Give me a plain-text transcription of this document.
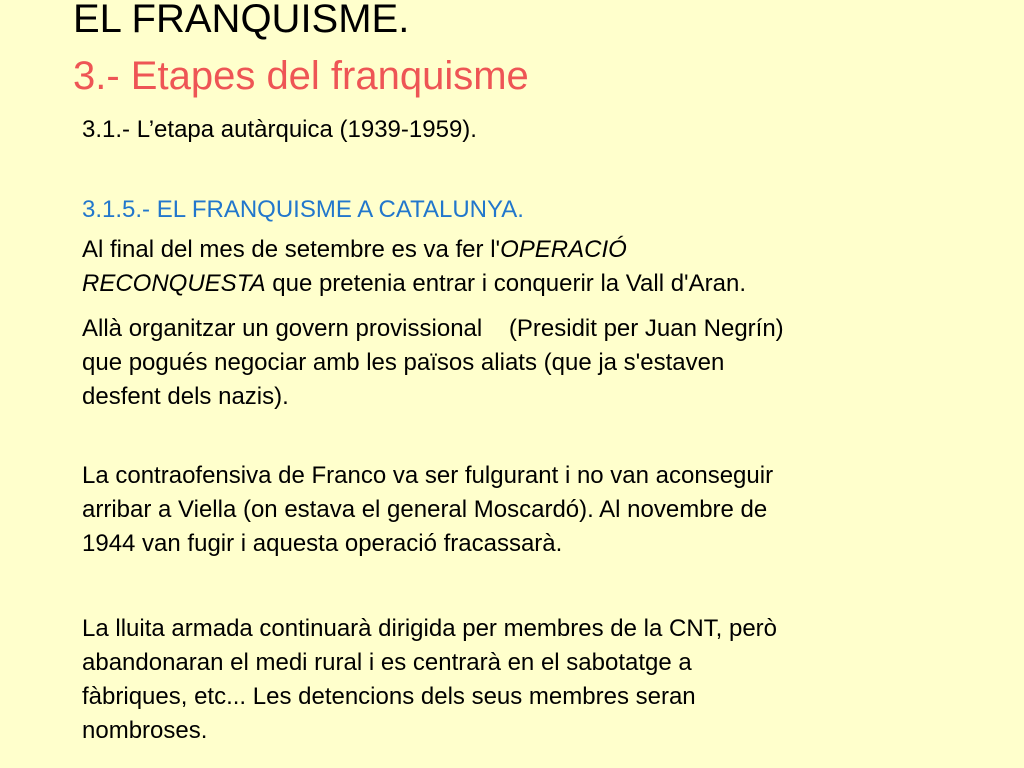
EL FRANQUISME.
3.- Etapes del franquisme

3.1.- L’etapa autàrquica (1939-1959).

3.1.5.- EL FRANQUISME A CATALUNYA.

Al final del mes de setembre es va fer l'OPERACIÓ
RECONQUESTA que pretenia entrar i conquerir la Vall d'Aran.

Allà organitzar un govern provissional    (Presidit per Juan Negrín)
que pogués negociar amb les països aliats (que ja s'estaven
desfent dels nazis).

La contraofensiva de Franco va ser fulgurant i no van aconseguir
arribar a Viella (on estava el general Moscardó). Al novembre de
1944 van fugir i aquesta operació fracassarà.

La lluita armada continuarà dirigida per membres de la CNT, però
abandonaran el medi rural i es centrarà en el sabotatge a
fàbriques, etc... Les detencions dels seus membres seran
nombroses.
